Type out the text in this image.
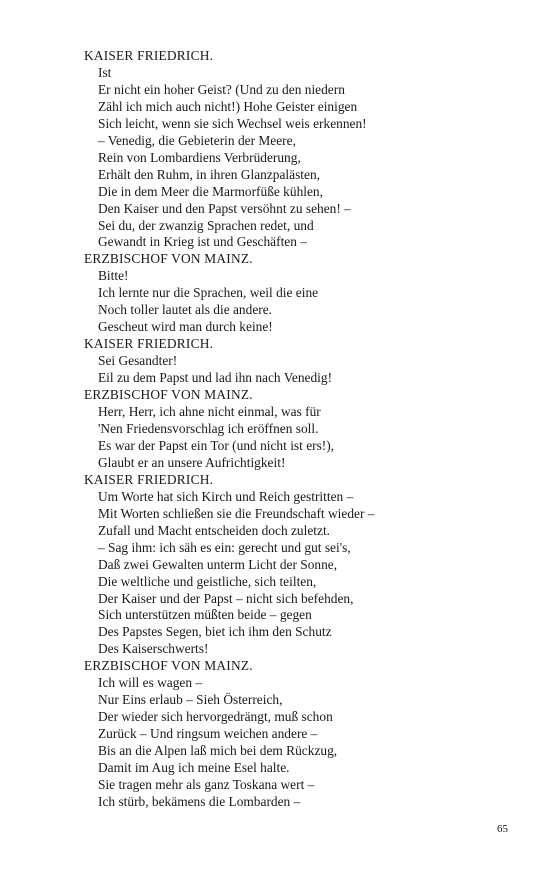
KAISER FRIEDRICH.
Ist
Er nicht ein hoher Geist? (Und zu den niedern
Zähl ich mich auch nicht!) Hohe Geister einigen
Sich leicht, wenn sie sich Wechsel weis erkennen!
– Venedig, die Gebieterin der Meere,
Rein von Lombardiens Verbrüderung,
Erhält den Ruhm, in ihren Glanzpalästen,
Die in dem Meer die Marmorfüße kühlen,
Den Kaiser und den Papst versöhnt zu sehen! –
Sei du, der zwanzig Sprachen redet, und
Gewandt in Krieg ist und Geschäften –
ERZBISCHOF VON MAINZ.
Bitte!
Ich lernte nur die Sprachen, weil die eine
Noch toller lautet als die andere.
Gescheut wird man durch keine!
KAISER FRIEDRICH.
Sei Gesandter!
Eil zu dem Papst und lad ihn nach Venedig!
ERZBISCHOF VON MAINZ.
Herr, Herr, ich ahne nicht einmal, was für
'Nen Friedensvorschlag ich eröffnen soll.
Es war der Papst ein Tor (und nicht ist ers!),
Glaubt er an unsere Aufrichtigkeit!
KAISER FRIEDRICH.
Um Worte hat sich Kirch und Reich gestritten –
Mit Worten schließen sie die Freundschaft wieder –
Zufall und Macht entscheiden doch zuletzt.
– Sag ihm: ich säh es ein: gerecht und gut sei's,
Daß zwei Gewalten unterm Licht der Sonne,
Die weltliche und geistliche, sich teilten,
Der Kaiser und der Papst – nicht sich befehden,
Sich unterstützen müßten beide – gegen
Des Papstes Segen, biet ich ihm den Schutz
Des Kaiserschwerts!
ERZBISCHOF VON MAINZ.
Ich will es wagen –
Nur Eins erlaub – Sieh Österreich,
Der wieder sich hervorgedrängt, muß schon
Zurück – Und ringsum weichen andere –
Bis an die Alpen laß mich bei dem Rückzug,
Damit im Aug ich meine Esel halte.
Sie tragen mehr als ganz Toskana wert –
Ich stürb, bekämens die Lombarden –
65
